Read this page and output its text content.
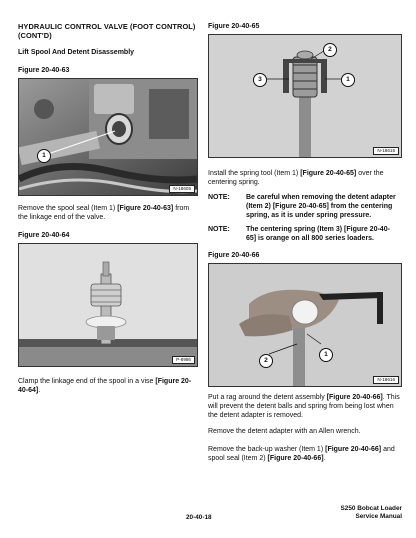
HYDRAULIC CONTROL VALVE (FOOT CONTROL) (CONT'D)

Lift Spool And Detent Disassembly

Figure 20-40-63

1
N-18605

Remove the spool seal (Item 1) [Figure 20-40-63] from the linkage end of the valve.

Figure 20-40-64

P-8986

Clamp the linkage end of the spool in a vise [Figure 20-40-64].

Figure 20-40-65

2
3	1
N-18615

Install the spring tool (Item 1) [Figure 20-40-65] over the centering spring.

NOTE:	Be careful when removing the detent adapter (Item 2) [Figure 20-40-65] from the centering spring, as it is under spring pressure.
NOTE:	The centering spring (Item 3) [Figure 20-40-65] is orange on all 800 series loaders.

Figure 20-40-66

1
2
N-18616

Put a rag around the detent assembly [Figure 20-40-66]. This will prevent the detent balls and spring from being lost when the detent adapter is removed.

Remove the detent adapter with an Allen wrench.

Remove the back-up washer (Item 1) [Figure 20-40-66] and spool seal (Item 2) [Figure 20-40-66].

20-40-18
S250 Bobcat Loader
Service Manual
